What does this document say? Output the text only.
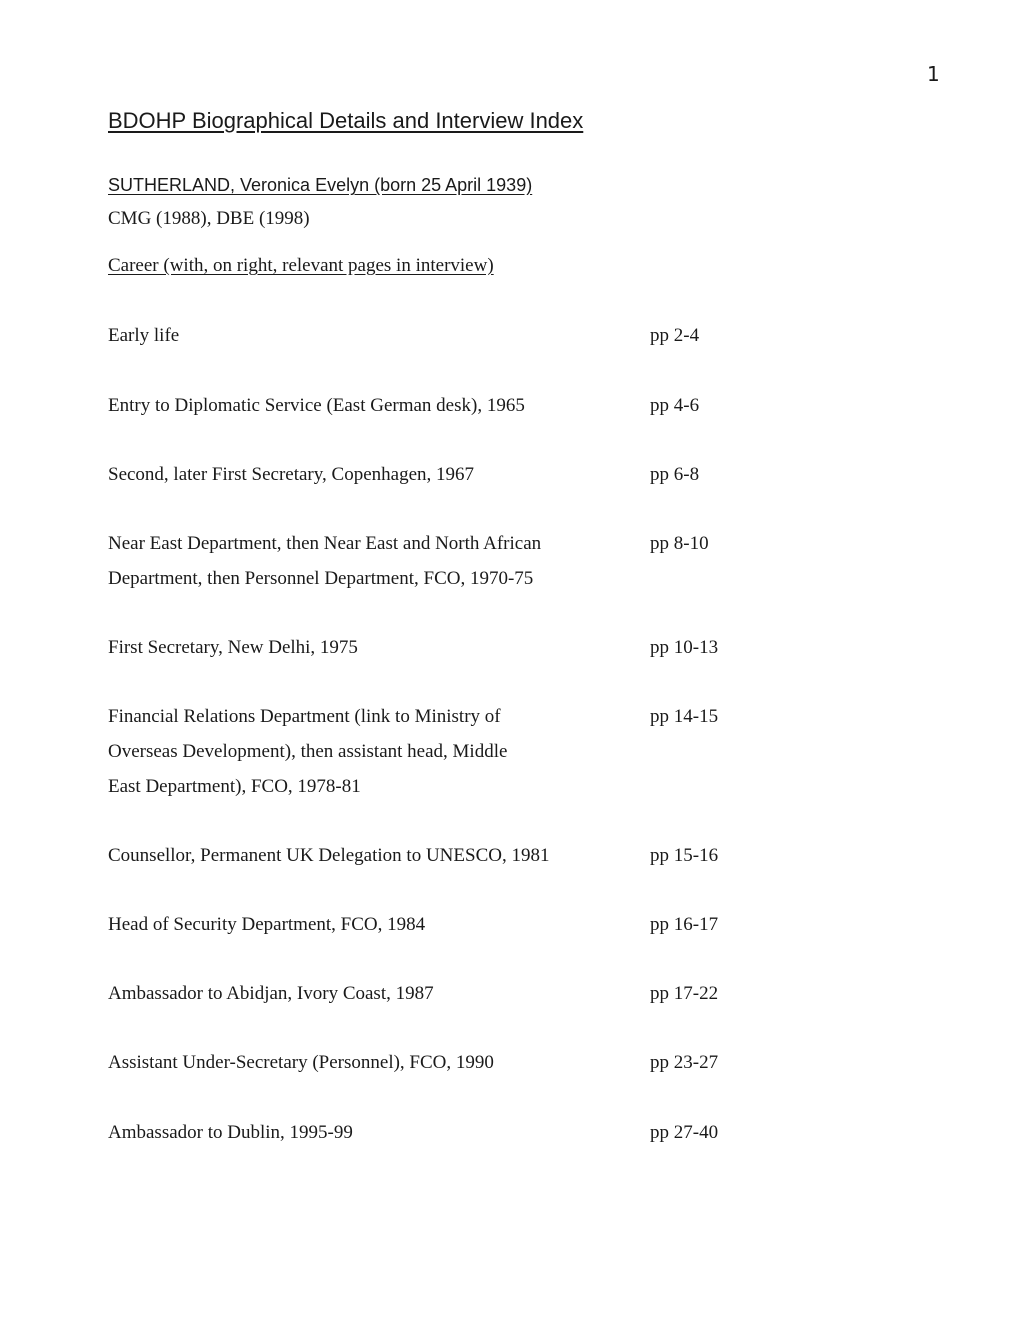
1
BDOHP Biographical Details and Interview Index
SUTHERLAND, Veronica Evelyn (born 25 April 1939)
CMG (1988), DBE (1998)
Career (with, on right, relevant pages in interview)
Early life	pp 2-4
Entry to Diplomatic Service (East German desk), 1965	pp 4-6
Second, later First Secretary, Copenhagen, 1967	pp 6-8
Near East Department, then Near East and North African
Department, then Personnel Department, FCO, 1970-75
pp 8-10
First Secretary, New Delhi, 1975	pp 10-13
Financial Relations Department (link to Ministry of
Overseas Development), then assistant head, Middle
East Department), FCO, 1978-81
pp 14-15
Counsellor, Permanent UK Delegation to UNESCO, 1981	pp 15-16
Head of Security Department, FCO, 1984	pp 16-17
Ambassador to Abidjan, Ivory Coast, 1987	pp 17-22
Assistant Under-Secretary (Personnel), FCO, 1990	pp 23-27
Ambassador to Dublin, 1995-99	pp 27-40
